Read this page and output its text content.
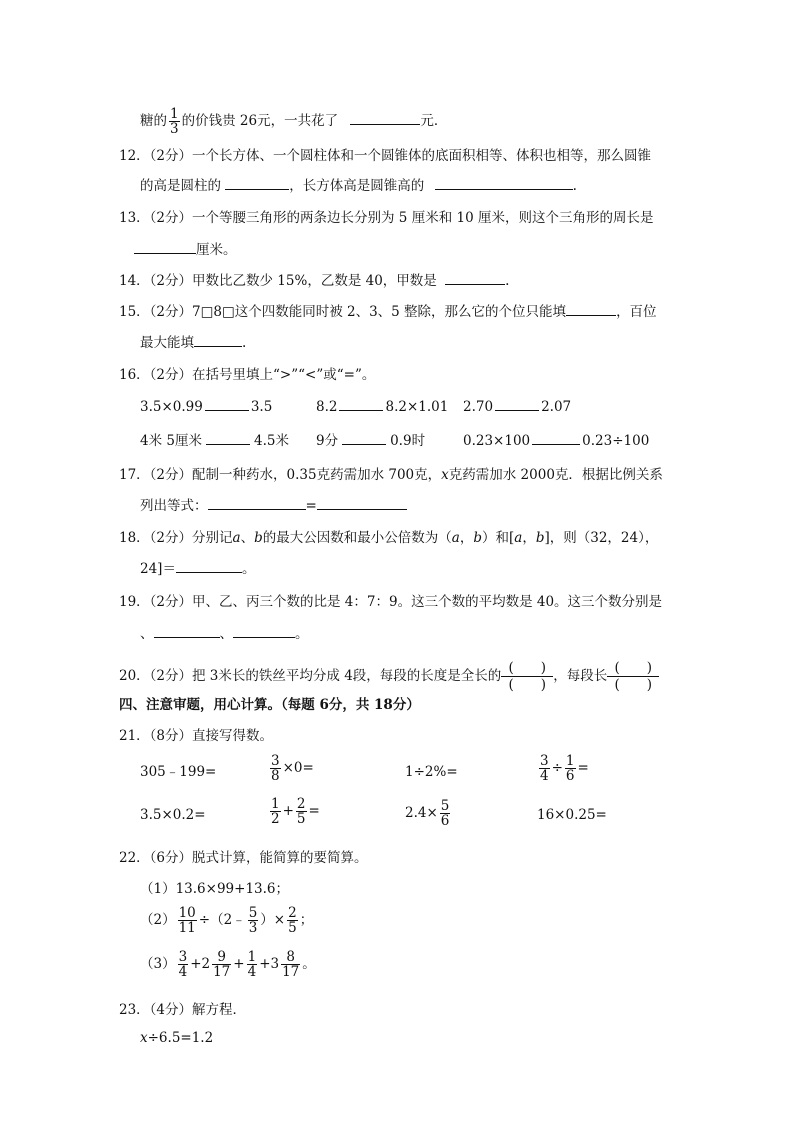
糖的 $\frac{1}{3}$ 的价钱贵 26元，一共花了	元．
12．（2分）一个长方体、一个圆柱体和一个圆锥体的底面积相等、体积也相等，那么圆锥
的高是圆柱的	，长方体高是圆锥高的	.
13．（2分）一个等腰三角形的两条边长分别为 5 厘米和 10 厘米，则这个三角形的周长是
厘米。
14．（2分）甲数比乙数少 15%，乙数是 40，甲数是	.
15．（2分）7□8□这个四数能同时被 2、3、5 整除，那么它的个位只能填	，百位
最大能填	.
16．（2分）在括号里填上“>”“<”或“=”。
3.5×0.99	3.5	8.2	8.2×1.01 2.70	2.07
4米 5厘米	4.5米 9分	0.9时	0.23×100	0.23÷100
17．（2分）配制一种药水，0.35克药需加水 700克，x克药需加水 2000克．根据比例关系
列出等式：	=
18．（2分）分别记a、b的最大公因数和最小公倍数为（a，b）和[a，b]，则（32，24），
24]＝	。
19．（2分）甲、乙、丙三个数的比是 4：7：9。这三个数的平均数是 40。这三个数分别是
、	、	。
20．（2分）把 3米长的铁丝平均分成 4段，每段的长度是全长的 $\frac{( )}{( )}$，每段长 $\frac{( )}{( )}$
四、注意审题，用心计算。（每题 6分，共 18分）
21．（8分）直接写得数。
305﹣199=	$\frac{3}{8} \times 0=$	1÷2%=	$\frac{3}{4} \div \frac{1}{6}$ =
3.5×0.2=	$\frac{1}{2} + \frac{2}{5}$ =	$2.4\times \frac{5}{6}$	16×0.25=
22．（6分）脱式计算，能简算的要简算。
（1）13.6×99+13.6；
$(2) \frac{10}{11}$ ÷（2﹣ $\frac{5}{3}$ ）× $\frac{2}{5}$ ；
$(3) \frac{3}{4} +2 \frac{9}{17} + \frac{1}{4} +3 \frac{8}{17}$ 。
23．（4分）解方程．
x÷6.5=1.2
